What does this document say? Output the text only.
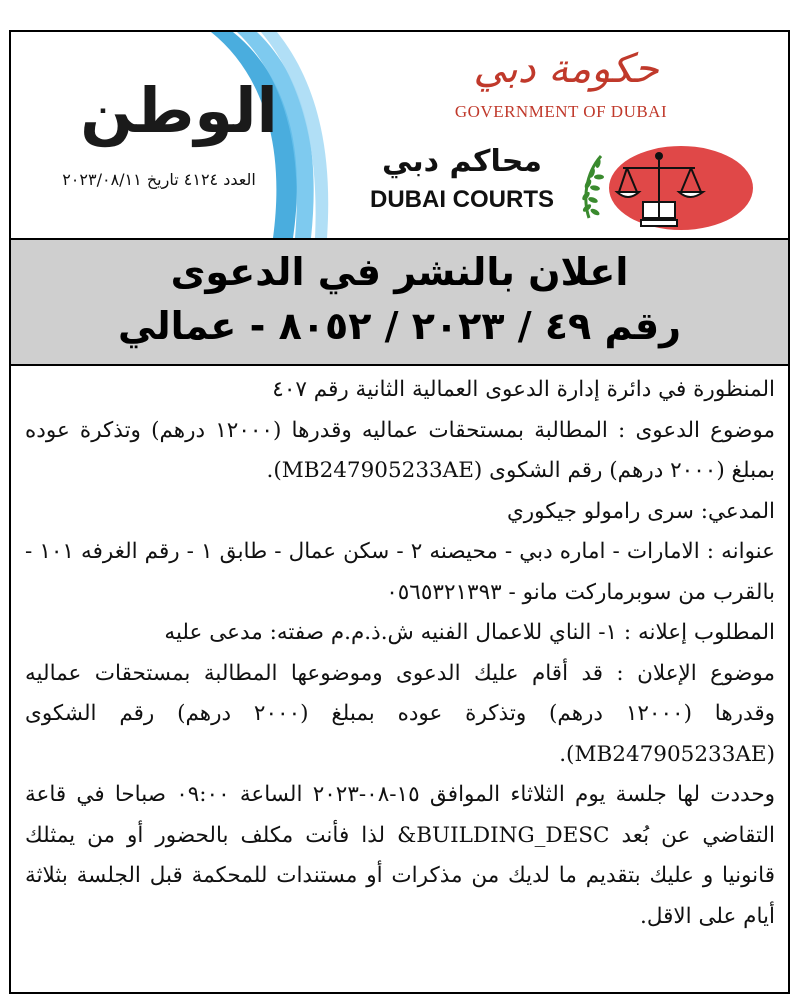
الوطن
العدد ٤١٢٤ تاريخ ٢٠٢٣/٠٨/١١
حكومة دبي
GOVERNMENT OF DUBAI
محاكم دبي
DUBAI COURTS
اعلان بالنشر في الدعوى
رقم ٤٩ / ٢٠٢٣ / ٨٠٥٢ - عمالي

المنظورة في دائرة إدارة الدعوى العمالية الثانية رقم ٤٠٧

موضوع الدعوى : المطالبة بمستحقات عماليه وقدرها (١٢٠٠٠ درهم) وتذكرة عوده بمبلغ (٢٠٠٠ درهم) رقم الشكوى (MB247905233AE).

المدعي: سرى رامولو جيكوري

عنوانه : الامارات - اماره دبي - محيصنه ٢ - سكن عمال - طابق ١ - رقم الغرفه ١٠١ - بالقرب من سوبرماركت مانو - ٠٥٦٥٣٢١٣٩٣

المطلوب إعلانه : ١- الناي للاعمال الفنيه ش.ذ.م.م صفته: مدعى عليه

موضوع الإعلان : قد أقام عليك الدعوى وموضوعها المطالبة بمستحقات عماليه وقدرها (١٢٠٠٠ درهم) وتذكرة عوده بمبلغ (٢٠٠٠ درهم) رقم الشكوى (MB247905233AE).

وحددت لها جلسة يوم الثلاثاء الموافق ١٥-٠٨-٢٠٢٣ الساعة ٠٩:٠٠ صباحا في قاعة التقاضي عن بُعد BUILDING_DESC& لذا فأنت مكلف بالحضور أو من يمثلك قانونيا و عليك بتقديم ما لديك من مذكرات أو مستندات للمحكمة قبل الجلسة بثلاثة أيام على الاقل.
